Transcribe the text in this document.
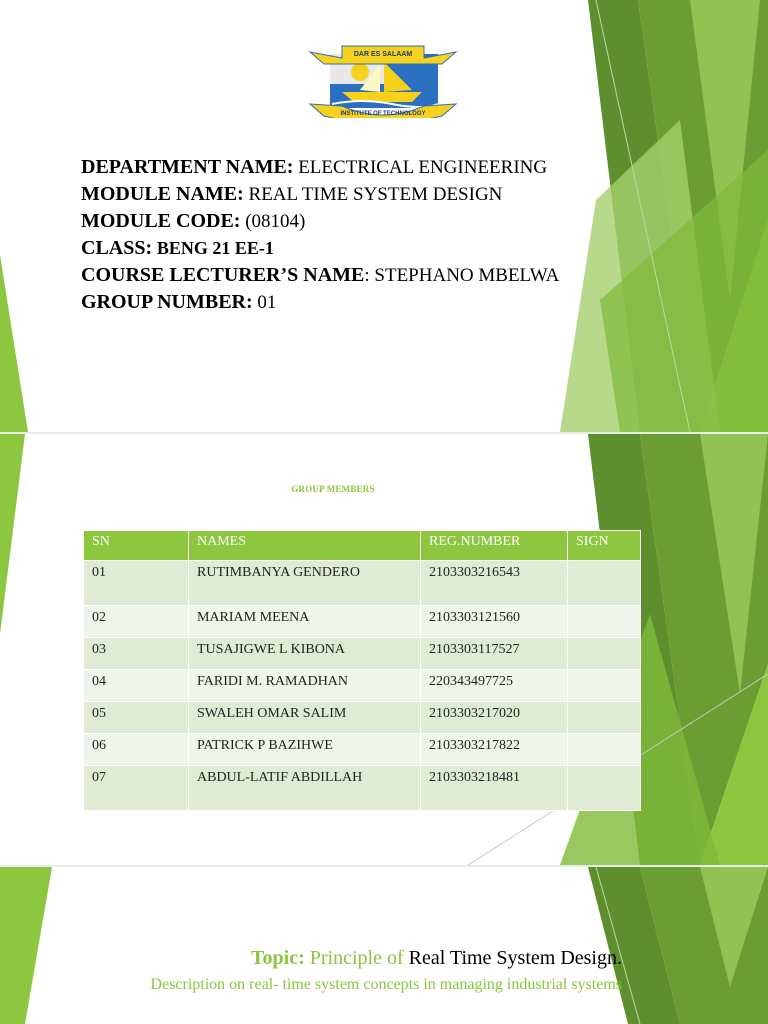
DAR ES SALAAM
INSTITUTE OF TECHNOLOGY
DEPARTMENT NAME: ELECTRICAL ENGINEERING
MODULE NAME: REAL TIME SYSTEM DESIGN
MODULE CODE: (08104)
CLASS: BENG 21 EE-1
COURSE LECTURER’S NAME: STEPHANO MBELWA
GROUP NUMBER: 01
GROUP MEMBERS
SN	NAMES	REG.NUMBER	SIGN
01	RUTIMBANYA GENDERO	2103303216543	
02	MARIAM MEENA	2103303121560	
03	TUSAJIGWE L KIBONA	2103303117527	
04	FARIDI M. RAMADHAN	220343497725	
05	SWALEH OMAR SALIM	2103303217020	
06	PATRICK P BAZIHWE	2103303217822	
07	ABDUL-LATIF ABDILLAH	2103303218481	
Topic: Principle of Real Time System Design.
Description on real- time system concepts in managing industrial systems
